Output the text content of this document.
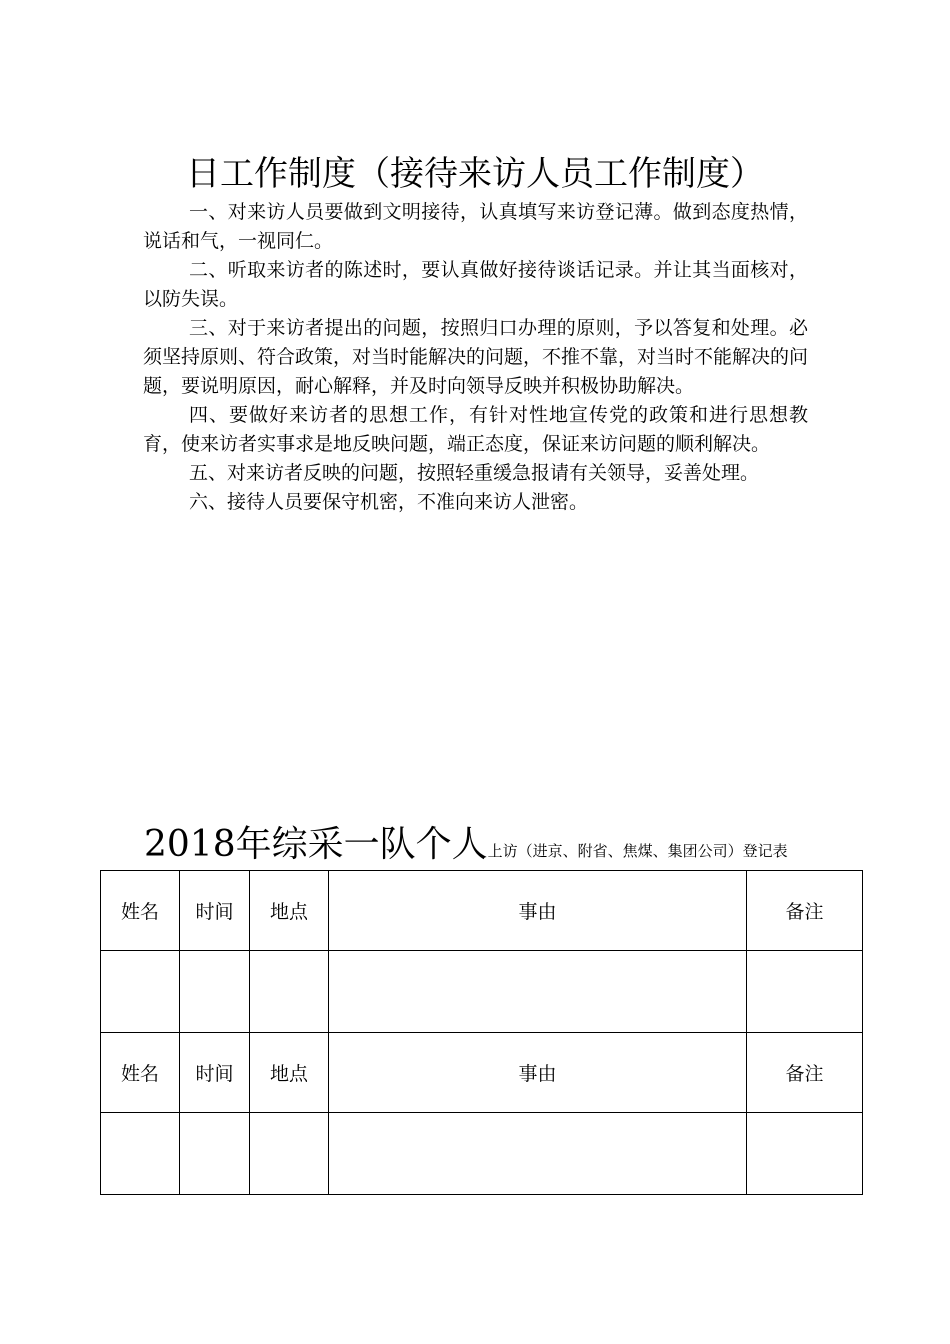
日工作制度（接待来访人员工作制度）

一、对来访人员要做到文明接待，认真填写来访登记薄。做到态度热情，说话和气，一视同仁。

二、听取来访者的陈述时，要认真做好接待谈话记录。并让其当面核对，以防失误。

三、对于来访者提出的问题，按照归口办理的原则，予以答复和处理。必须坚持原则、符合政策，对当时能解决的问题，不推不靠，对当时不能解决的问题，要说明原因，耐心解释，并及时向领导反映并积极协助解决。

四、要做好来访者的思想工作，有针对性地宣传党的政策和进行思想教育，使来访者实事求是地反映问题，端正态度，保证来访问题的顺利解决。

五、对来访者反映的问题，按照轻重缓急报请有关领导，妥善处理。

六、接待人员要保守机密，不准向来访人泄密。

2018年综采一队个人上访（进京、附省、焦煤、集团公司）登记表
姓名	时间	地点	事由	备注

姓名	时间	地点	事由	备注
